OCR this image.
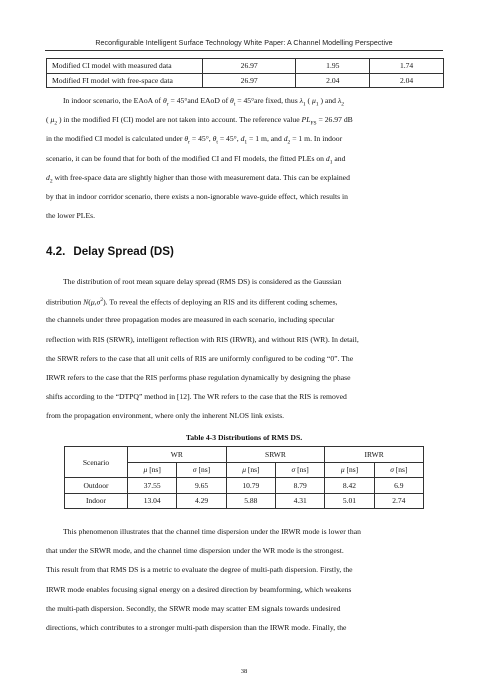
Reconfigurable Intelligent Surface Technology White Paper: A Channel Modelling Perspective
Modified CI model with measured data	26.97	1.95	1.74
Modified FI model with free-space data	26.97	2.04	2.04
In indoor scenario, the EAoA of $\theta_r = 45^\circ and$ EAoD of $\theta_t = 45^\circ are$ fixed, thus $\lambda_1$ ( $\mu_1$ ) and $\lambda_2$
( $\mu_2$ ) in the modified FI (CI) model are not taken into account. The reference value $PL_{FS} = 26.97$ dB
in the modified CI model is calculated under $\theta_r = 45^\circ$, $\theta_t = 45^\circ$, $d_1 = 1$ m, and $d_2 = 1$ m. In indoor
scenario, it can be found that for both of the modified CI and FI models, the fitted PLEs on $d_1$ and
$d_2$ with free-space data are slightly higher than those with measurement data. This can be explained
by that in indoor corridor scenario, there exists a non-ignorable wave-guide effect, which results in
the lower PLEs.
4.2. Delay Spread (DS)
The distribution of root mean square delay spread (RMS DS) is considered as the Gaussian
distribution $N(\mu,\sigma^2)$. To reveal the effects of deploying an RIS and its different coding schemes,
the channels under three propagation modes are measured in each scenario, including specular
reflection with RIS (SRWR), intelligent reflection with RIS (IRWR), and without RIS (WR). In detail,
the SRWR refers to the case that all unit cells of RIS are uniformly configured to be coding “0”. The
IRWR refers to the case that the RIS performs phase regulation dynamically by designing the phase
shifts according to the “DTPQ” method in [12]. The WR refers to the case that the RIS is removed
from the propagation environment, where only the inherent NLOS link exists.
Table 4-3 Distributions of RMS DS.
Scenario	WR		SRWR		IRWR	
	μ [ns]	σ [ns]	μ [ns]	σ [ns]	μ [ns]	σ [ns]
Outdoor	37.55	9.65	10.79	8.79	8.42	6.9
Indoor	13.04	4.29	5.88	4.31	5.01	2.74
This phenomenon illustrates that the channel time dispersion under the IRWR mode is lower than
that under the SRWR mode, and the channel time dispersion under the WR mode is the strongest.
This result from that RMS DS is a metric to evaluate the degree of multi-path dispersion. Firstly, the
IRWR mode enables focusing signal energy on a desired direction by beamforming, which weakens
the multi-path dispersion. Secondly, the SRWR mode may scatter EM signals towards undesired
directions, which contributes to a stronger multi-path dispersion than the IRWR mode. Finally, the
38
